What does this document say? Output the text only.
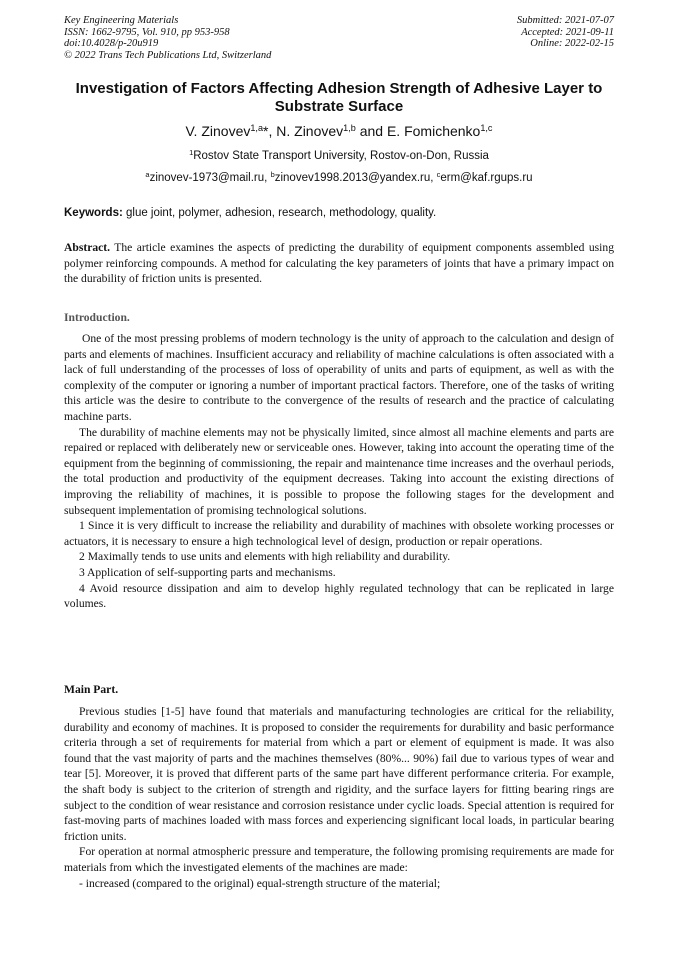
Key Engineering Materials
ISSN: 1662-9795, Vol. 910, pp 953-958
doi:10.4028/p-20u919
© 2022 Trans Tech Publications Ltd, Switzerland
Submitted: 2021-07-07
Accepted: 2021-09-11
Online: 2022-02-15
Investigation of Factors Affecting Adhesion Strength of Adhesive Layer to Substrate Surface
V. Zinovev$^{1,a}$*, N. Zinovev$^{1,b}$ and E. Fomichenko$^{1,c}$
$^1$Rostov State Transport University, Rostov-on-Don, Russia
$^a$zinovev-1973@mail.ru, $^b$zinovev1998.2013@yandex.ru, $^c$erm@kaf.rgups.ru
Keywords: glue joint, polymer, adhesion, research, methodology, quality.

Abstract. The article examines the aspects of predicting the durability of equipment components assembled using polymer reinforcing compounds. A method for calculating the key parameters of joints that have a primary impact on the durability of friction units is presented.

Introduction.

One of the most pressing problems of modern technology is the unity of approach to the calculation and design of parts and elements of machines. Insufficient accuracy and reliability of machine calculations is often associated with a lack of full understanding of the processes of loss of operability of units and parts of equipment, as well as with the complexity of the computer or ignoring a number of important practical factors. Therefore, one of the tasks of writing this article was the desire to contribute to the convergence of the results of research and the practice of calculating machine parts.

The durability of machine elements may not be physically limited, since almost all machine elements and parts are repaired or replaced with deliberately new or serviceable ones. However, taking into account the operating time of the equipment from the beginning of commissioning, the repair and maintenance time increases and the overhaul periods, the total production and productivity of the equipment decreases. Taking into account the existing directions of improving the reliability of machines, it is possible to propose the following stages for the development and subsequent implementation of promising technological solutions.

1 Since it is very difficult to increase the reliability and durability of machines with obsolete working processes or actuators, it is necessary to ensure a high technological level of design, production or repair operations.

2 Maximally tends to use units and elements with high reliability and durability.

3 Application of self-supporting parts and mechanisms.

4 Avoid resource dissipation and aim to develop highly regulated technology that can be replicated in large volumes.

Main Part.

Previous studies [1-5] have found that materials and manufacturing technologies are critical for the reliability, durability and economy of machines. It is proposed to consider the requirements for durability and basic performance criteria through a set of requirements for material from which a part or element of equipment is made. It was also found that the vast majority of parts and the machines themselves (80%... 90%) fail due to various types of wear and tear [5]. Moreover, it is proved that different parts of the same part have different performance criteria. For example, the shaft body is subject to the criterion of strength and rigidity, and the surface layers for fitting bearing rings are subject to the condition of wear resistance and corrosion resistance under cyclic loads. Special attention is required for fast-moving parts of machines loaded with mass forces and experiencing significant local loads, in particular bearing friction units.

For operation at normal atmospheric pressure and temperature, the following promising requirements are made for materials from which the investigated elements of the machines are made:

- increased (compared to the original) equal-strength structure of the material;
